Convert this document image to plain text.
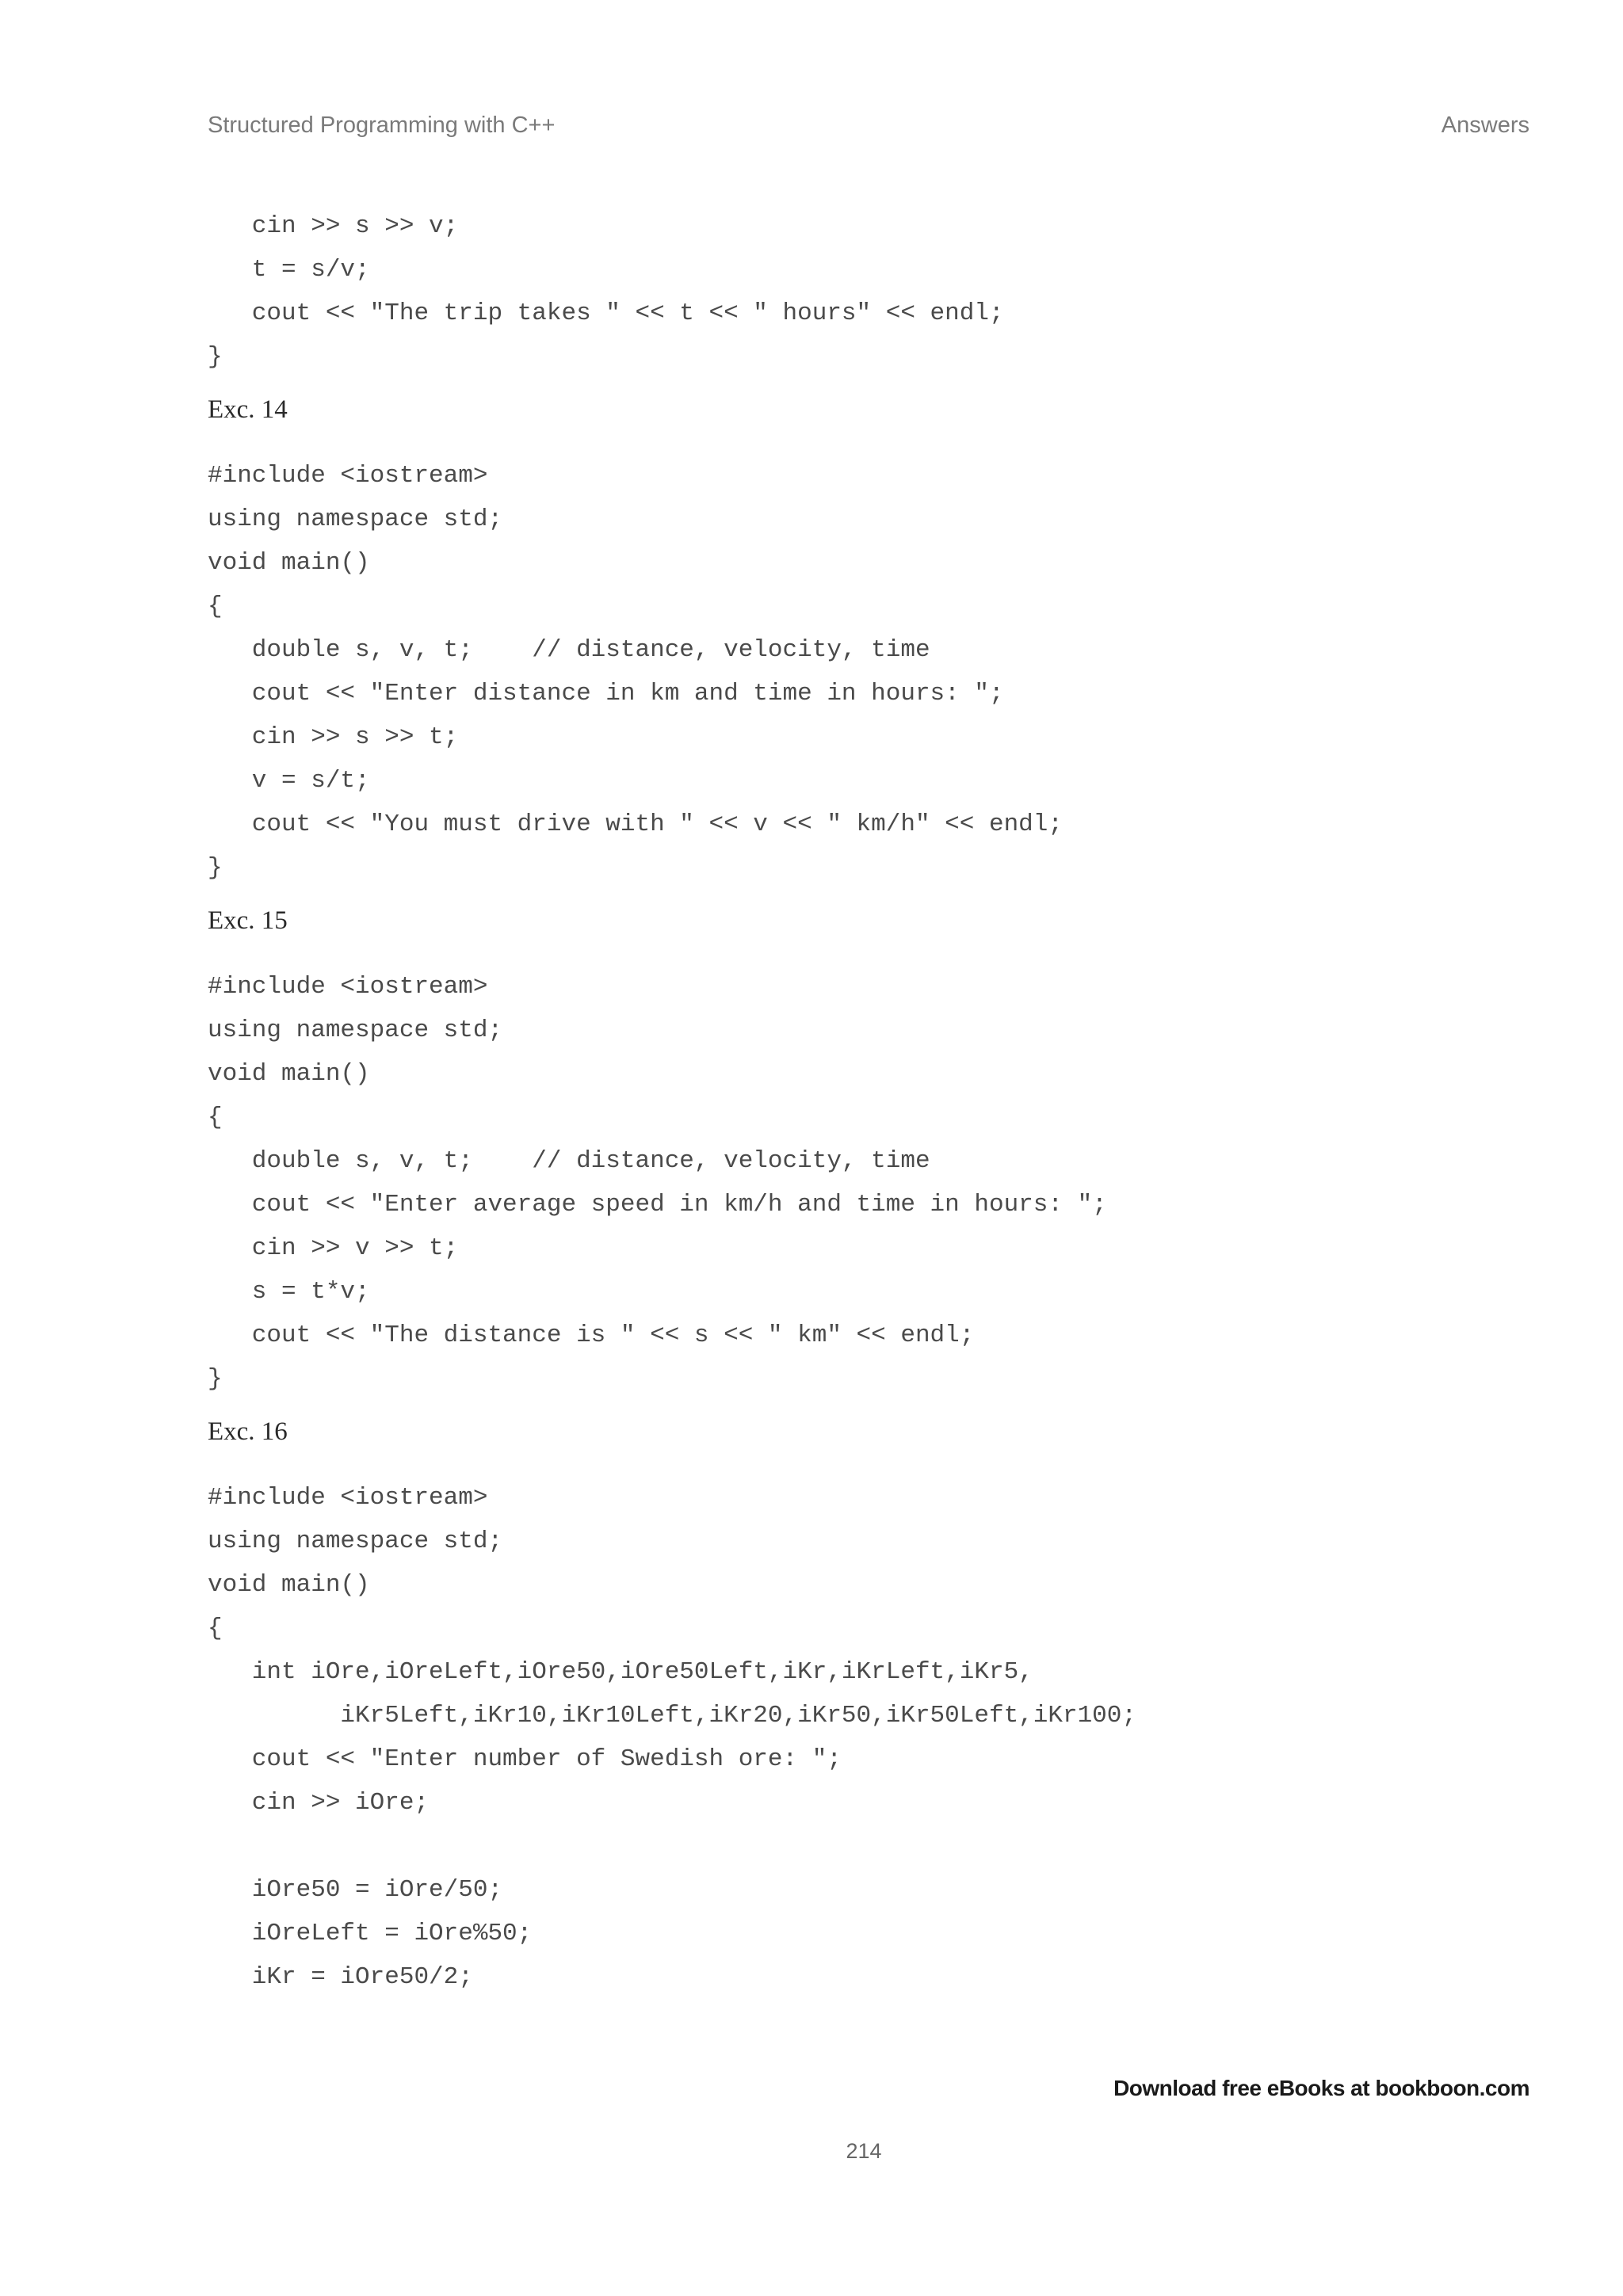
Structured Programming with C++	Answers
cin >> s >> v;
t = s/v;
cout << "The trip takes " << t << " hours" << endl;
}
Exc. 14
#include <iostream>
using namespace std;
void main()
{
double s, v, t;    // distance, velocity, time
cout << "Enter distance in km and time in hours: ";
cin >> s >> t;
v = s/t;
cout << "You must drive with " << v << " km/h" << endl;
}
Exc. 15
#include <iostream>
using namespace std;
void main()
{
double s, v, t;    // distance, velocity, time
cout << "Enter average speed in km/h and time in hours: ";
cin >> v >> t;
s = t*v;
cout << "The distance is " << s << " km" << endl;
}
Exc. 16
#include <iostream>
using namespace std;
void main()
{
int iOre,iOreLeft,iOre50,iOre50Left,iKr,iKrLeft,iKr5,
iKr5Left,iKr10,iKr10Left,iKr20,iKr50,iKr50Left,iKr100;
cout << "Enter number of Swedish ore: ";
cin >> iOre;
iOre50 = iOre/50;
iOreLeft = iOre%50;
iKr = iOre50/2;
Download free eBooks at bookboon.com
214
